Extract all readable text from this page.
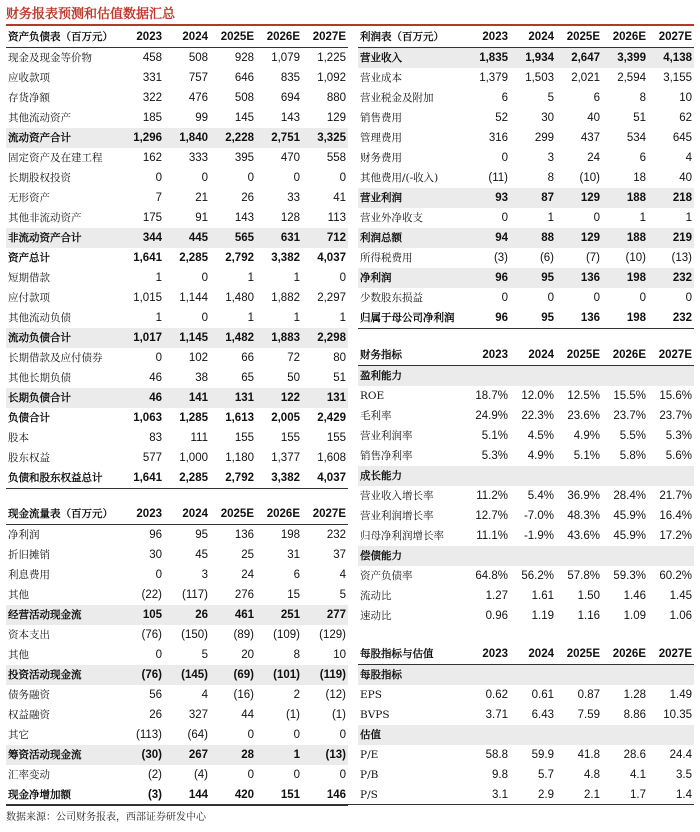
财务报表预测和估值数据汇总
资产负债表（百万元）	2023	2024	2025E	2026E	2027E
现金及现金等价物	458	508	928	1,079	1,225
应收款项	331	757	646	835	1,092
存货净额	322	476	508	694	880
其他流动资产	185	99	145	143	129
流动资产合计	1,296	1,840	2,228	2,751	3,325
固定资产及在建工程	162	333	395	470	558
长期股权投资	0	0	0	0	0
无形资产	7	21	26	33	41
其他非流动资产	175	91	143	128	113
非流动资产合计	344	445	565	631	712
资产总计	1,641	2,285	2,792	3,382	4,037
短期借款	1	0	1	1	0
应付款项	1,015	1,144	1,480	1,882	2,297
其他流动负债	1	0	1	1	1
流动负债合计	1,017	1,145	1,482	1,883	2,298
长期借款及应付债券	0	102	66	72	80
其他长期负债	46	38	65	50	51
长期负债合计	46	141	131	122	131
负债合计	1,063	1,285	1,613	2,005	2,429
股本	83	111	155	155	155
股东权益	577	1,000	1,180	1,377	1,608
负债和股东权益总计	1,641	2,285	2,792	3,382	4,037
利润表（百万元）	2023	2024	2025E	2026E	2027E
营业收入	1,835	1,934	2,647	3,399	4,138
营业成本	1,379	1,503	2,021	2,594	3,155
营业税金及附加	6	5	6	8	10
销售费用	52	30	40	51	62
管理费用	316	299	437	534	645
财务费用	0	3	24	6	4
其他费用/(-收入)	(11)	8	(10)	18	40
营业利润	93	87	129	188	218
营业外净收支	0	1	0	1	1
利润总额	94	88	129	188	219
所得税费用	(3)	(6)	(7)	(10)	(13)
净利润	96	95	136	198	232
少数股东损益	0	0	0	0	0
归属于母公司净利润	96	95	136	198	232
财务指标	2023	2024	2025E	2026E	2027E
盈利能力					
ROE	18.7%	12.0%	12.5%	15.5%	15.6%
毛利率	24.9%	22.3%	23.6%	23.7%	23.7%
营业利润率	5.1%	4.5%	4.9%	5.5%	5.3%
销售净利率	5.3%	4.9%	5.1%	5.8%	5.6%
成长能力					
营业收入增长率	11.2%	5.4%	36.9%	28.4%	21.7%
营业利润增长率	12.7%	-7.0%	48.3%	45.9%	16.4%
归母净利润增长率	11.1%	-1.9%	43.6%	45.9%	17.2%
偿债能力					
资产负债率	64.8%	56.2%	57.8%	59.3%	60.2%
流动比	1.27	1.61	1.50	1.46	1.45
速动比	0.96	1.19	1.16	1.09	1.06
现金流量表（百万元）	2023	2024	2025E	2026E	2027E
净利润	96	95	136	198	232
折旧摊销	30	45	25	31	37
利息费用	0	3	24	6	4
其他	(22)	(117)	276	15	5
经营活动现金流	105	26	461	251	277
资本支出	(76)	(150)	(89)	(109)	(129)
其他	0	5	20	8	10
投资活动现金流	(76)	(145)	(69)	(101)	(119)
债务融资	56	4	(16)	2	(12)
权益融资	26	327	44	(1)	(1)
其它	(113)	(64)	0	0	0
筹资活动现金流	(30)	267	28	1	(13)
汇率变动	(2)	(4)	0	0	0
现金净增加额	(3)	144	420	151	146
每股指标与估值	2023	2024	2025E	2026E	2027E
每股指标					
EPS	0.62	0.61	0.87	1.28	1.49
BVPS	3.71	6.43	7.59	8.86	10.35
估值					
P/E	58.8	59.9	41.8	28.6	24.4
P/B	9.8	5.7	4.8	4.1	3.5
P/S	3.1	2.9	2.1	1.7	1.4
数据来源：公司财务报表，西部证券研发中心
